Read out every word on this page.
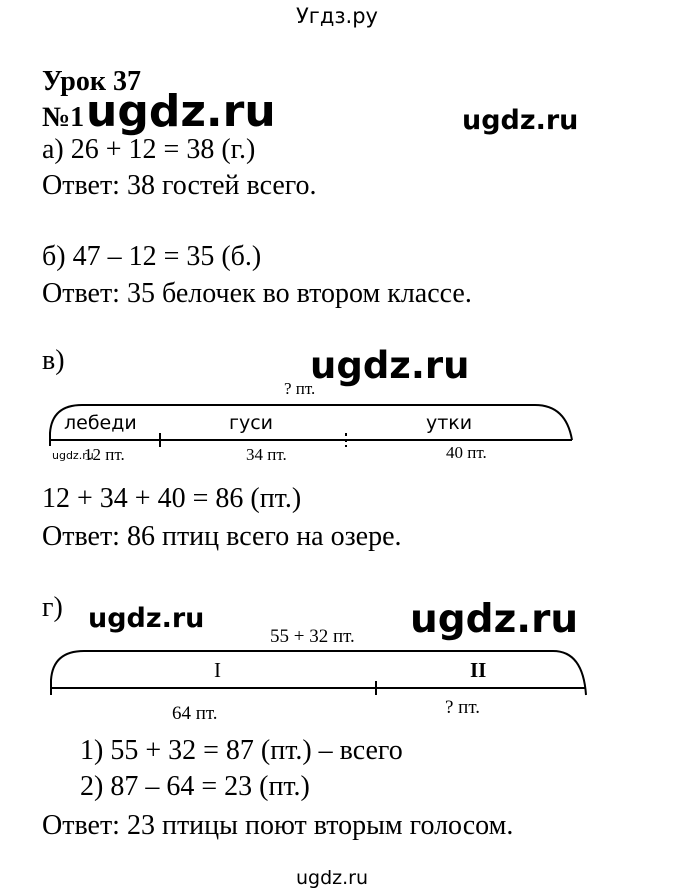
Угдз.ру
Урок 37
№1 ugdz.ru	ugdz.ru
ugdz.ru
ugdz.ru
ugdz.ru	ugdz.ru
а) 26 + 12 = 38 (г.)
Ответ: 38 гостей всего.
б) 47 – 12 = 35 (б.)
Ответ: 35 белочек во втором классе.
в)
? пт.
лебеди	гуси	утки
12 пт.	34 пт.	40 пт.
12 + 34 + 40 = 86 (пт.)
Ответ: 86 птиц всего на озере.
г)
55 + 32 пт.
I	II
64 пт.	? пт.
1) 55 + 32 = 87 (пт.) – всего
2) 87 – 64 = 23 (пт.)
Ответ: 23 птицы поют вторым голосом.
ugdz.ru
